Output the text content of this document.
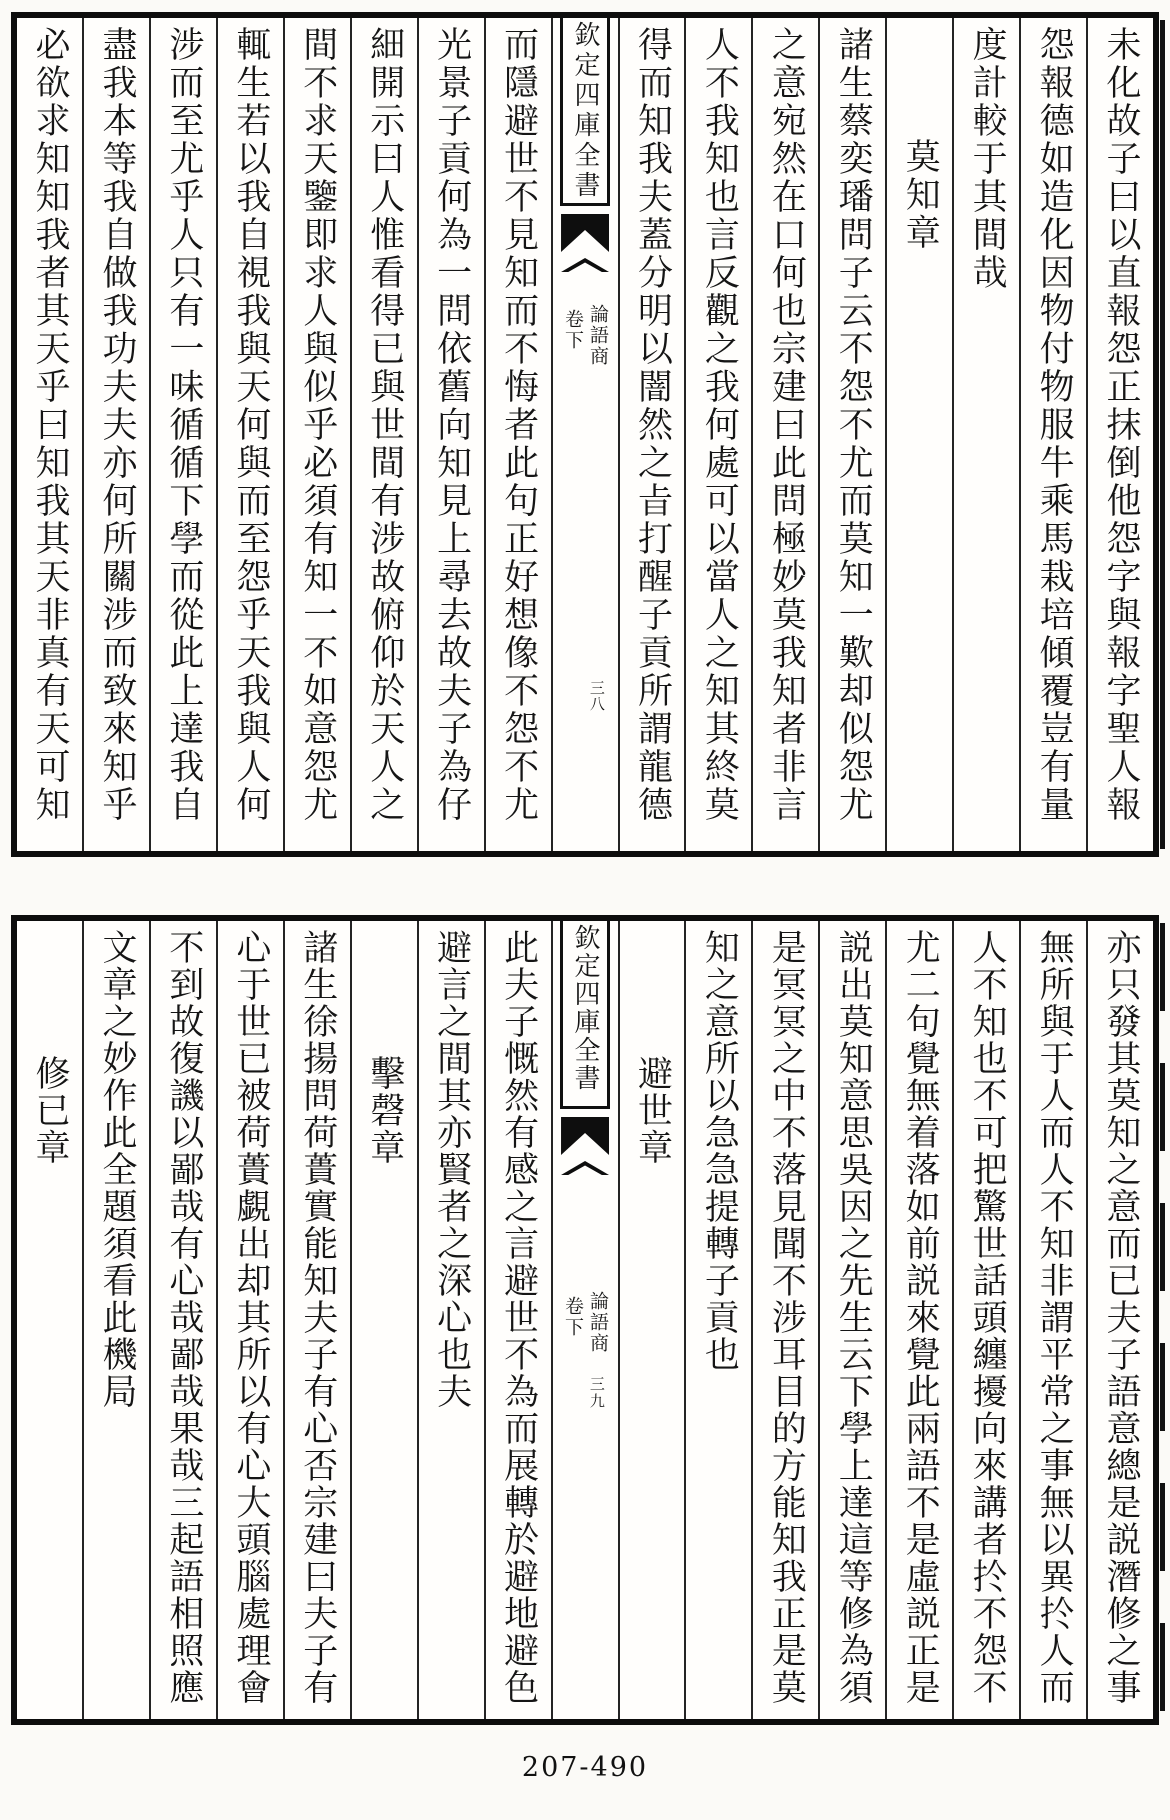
未化故子曰以直報怨正抹倒他怨字與報字聖人報
怨報德如造化因物付物服牛乘馬栽培傾覆豈有量
度計較于其間哉
莫知章
諸生蔡奕璠問子云不怨不尤而莫知一歎却似怨尤
之意宛然在口何也宗建曰此問極妙莫我知者非言
人不我知也言反觀之我何處可以當人之知其終莫
得而知我夫蓋分明以闇然之㫖打醒子貢所謂龍德
欽定四庫全書
論語商
卷下
三八
而隱避世不見知而不悔者此句正好想像不怨不尤
光景子貢何為一問依舊向知見上尋去故夫子為仔
細開示曰人惟看得已與世間有涉故俯仰於天人之
間不求天鑒即求人與似乎必須有知一不如意怨尤
輒生若以我自視我與天何與而至怨乎天我與人何
涉而至尤乎人只有一味循循下學而從此上達我自
盡我本等我自做我功夫夫亦何所關涉而致來知乎
必欲求知知我者其天乎曰知我其天非真有天可知
亦只發其莫知之意而已夫子語意總是説潛修之事
無所與于人而人不知非謂平常之事無以異扵人而
人不知也不可把驚世話頭纏擾向來講者扵不怨不
尤二句覺無着落如前説來覺此兩語不是虛説正是
説出莫知意思吳因之先生云下學上達這等修為須
是冥冥之中不落見聞不涉耳目的方能知我正是莫
知之意所以急急提轉子貢也
避世章
欽定四庫全書
論語商
卷下
三九
此夫子慨然有感之言避世不為而展轉於避地避色
避言之間其亦賢者之深心也夫
擊磬章
諸生徐揚問荷蕢實能知夫子有心否宗建曰夫子有
心于世已被荷蕢覷出却其所以有心大頭腦處理會
不到故復譏以鄙哉有心哉鄙哉果哉三起語相照應
文章之妙作此全題須看此機局
修已章
207-490
